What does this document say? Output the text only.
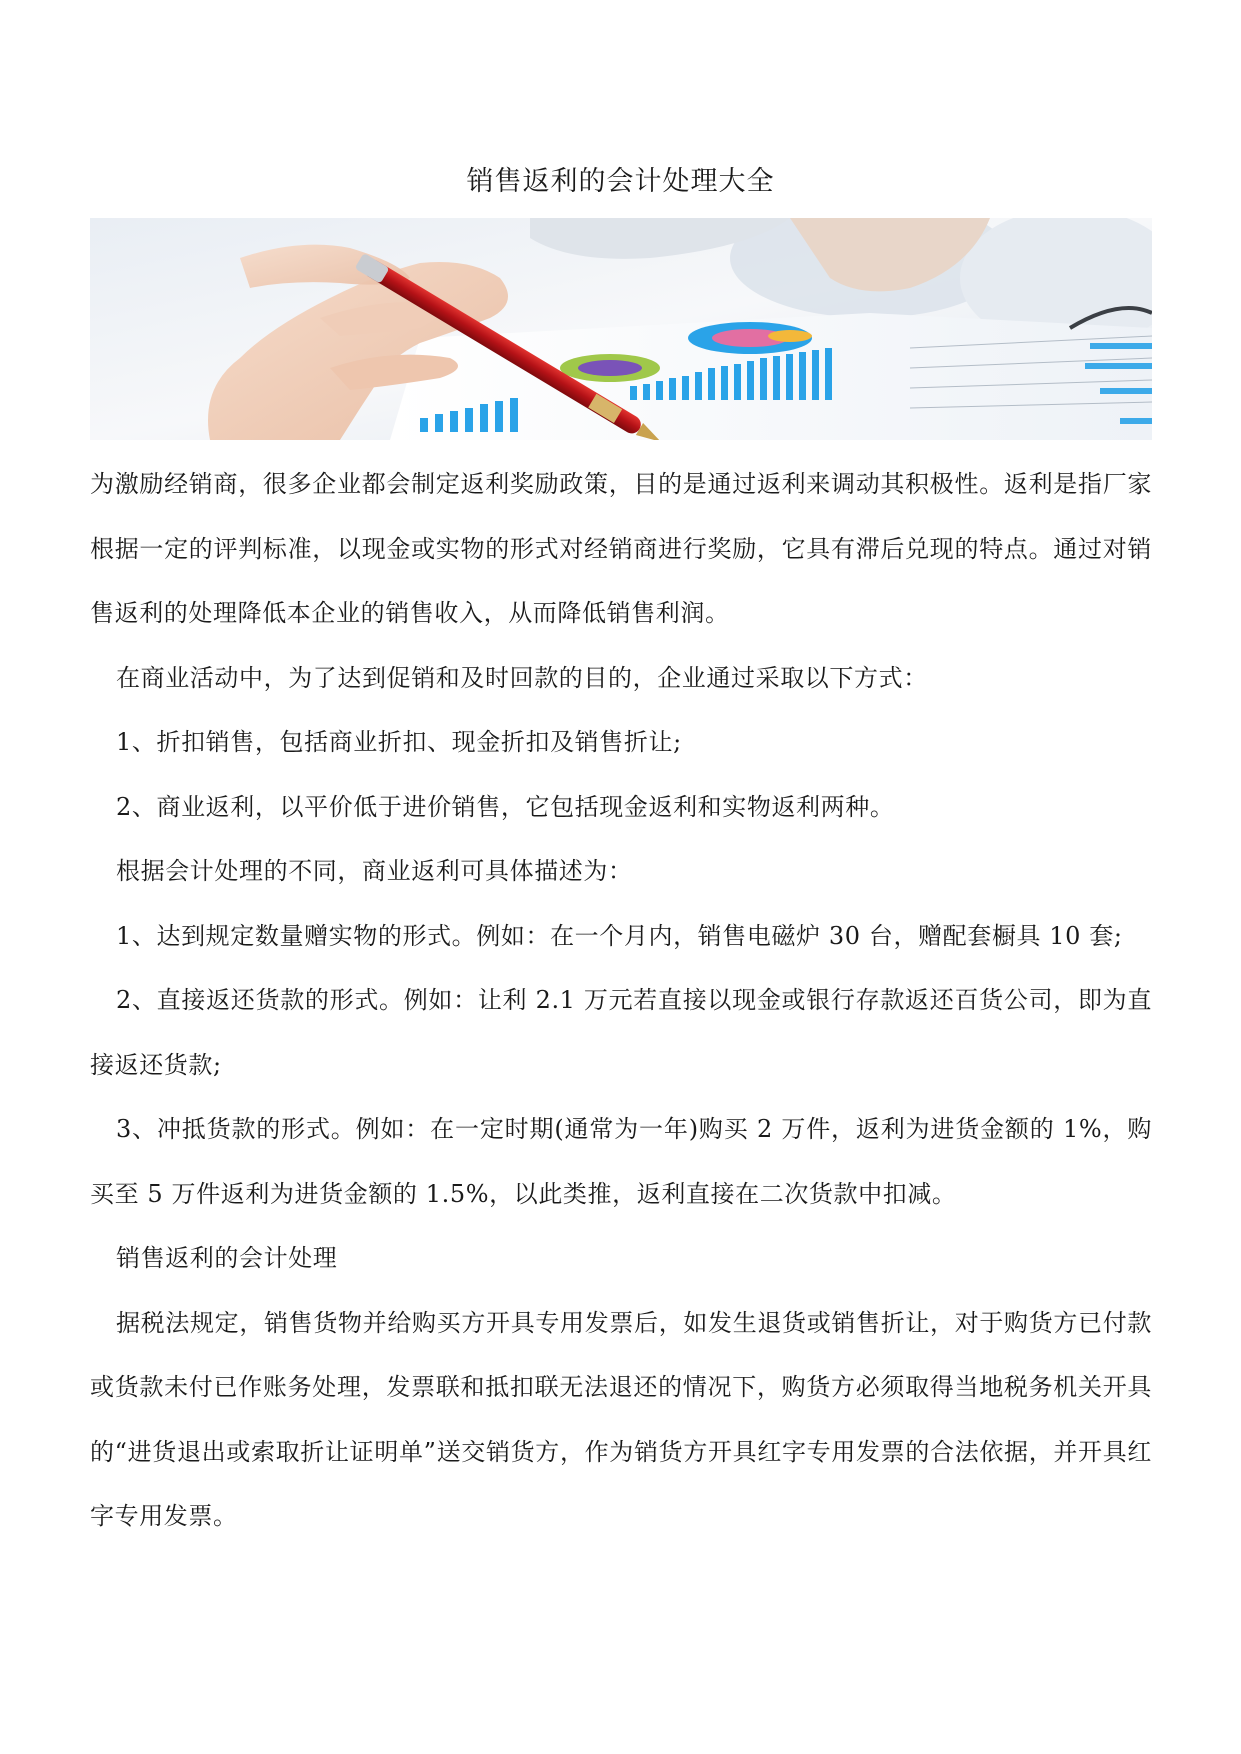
销售返利的会计处理大全

为激励经销商，很多企业都会制定返利奖励政策，目的是通过返利来调动其积极性。返利是指厂家根据一定的评判标准，以现金或实物的形式对经销商进行奖励，它具有滞后兑现的特点。通过对销售返利的处理降低本企业的销售收入，从而降低销售利润。

在商业活动中，为了达到促销和及时回款的目的，企业通过采取以下方式：

1、折扣销售，包括商业折扣、现金折扣及销售折让;

2、商业返利，以平价低于进价销售，它包括现金返利和实物返利两种。

根据会计处理的不同，商业返利可具体描述为：

1、达到规定数量赠实物的形式。例如：在一个月内，销售电磁炉 30 台，赠配套橱具 10 套;

2、直接返还货款的形式。例如：让利 2.1 万元若直接以现金或银行存款返还百货公司，即为直接返还货款;

3、冲抵货款的形式。例如：在一定时期(通常为一年)购买 2 万件，返利为进货金额的 1%，购买至 5 万件返利为进货金额的 1.5%，以此类推，返利直接在二次货款中扣减。

销售返利的会计处理

据税法规定，销售货物并给购买方开具专用发票后，如发生退货或销售折让，对于购货方已付款或货款未付已作账务处理，发票联和抵扣联无法退还的情况下，购货方必须取得当地税务机关开具的“进货退出或索取折让证明单”送交销货方，作为销货方开具红字专用发票的合法依据，并开具红字专用发票。
